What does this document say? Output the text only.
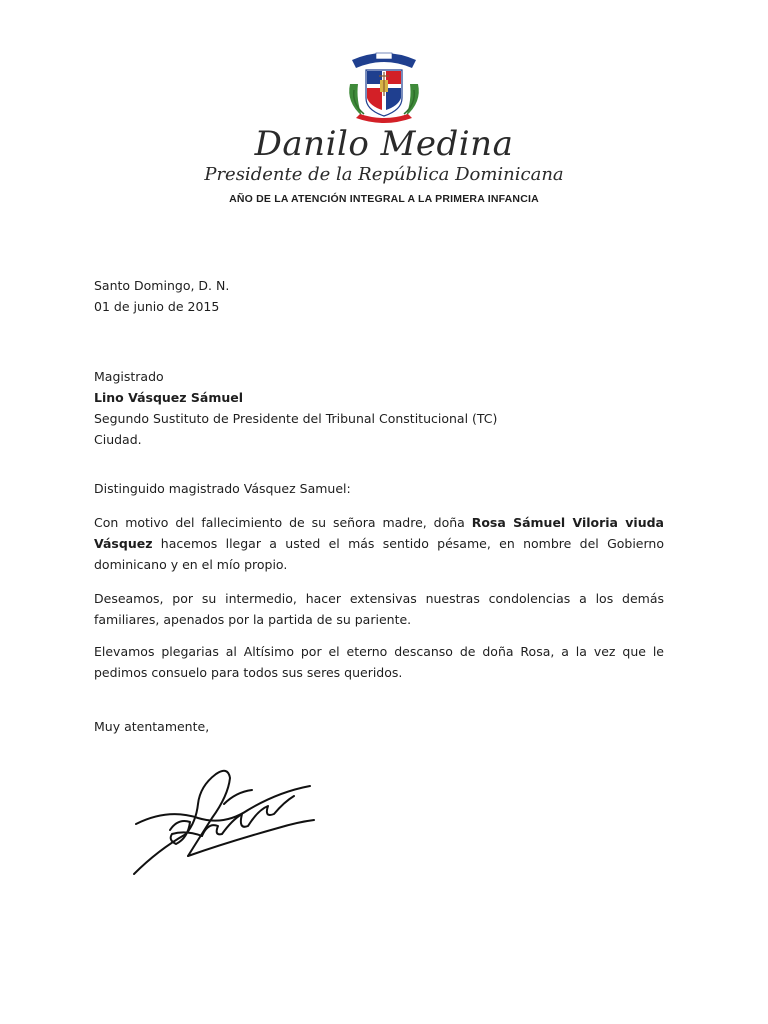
Danilo Medina
Presidente de la República Dominicana
AÑO DE LA ATENCIÓN INTEGRAL A LA PRIMERA INFANCIA
Santo Domingo, D. N.
01 de junio de 2015
Magistrado
Lino Vásquez Sámuel
Segundo Sustituto de Presidente del Tribunal Constitucional (TC)
Ciudad.
Distinguido magistrado Vásquez Samuel:

Con motivo del fallecimiento de su señora madre, doña Rosa Sámuel Viloria viuda Vásquez hacemos llegar a usted el más sentido pésame, en nombre del Gobierno dominicano y en el mío propio.

Deseamos, por su intermedio, hacer extensivas nuestras condolencias a los demás familiares, apenados por la partida de su pariente.

Elevamos plegarias al Altísimo por el eterno descanso de doña Rosa, a la vez que le pedimos consuelo para todos sus seres queridos.

Muy atentamente,
